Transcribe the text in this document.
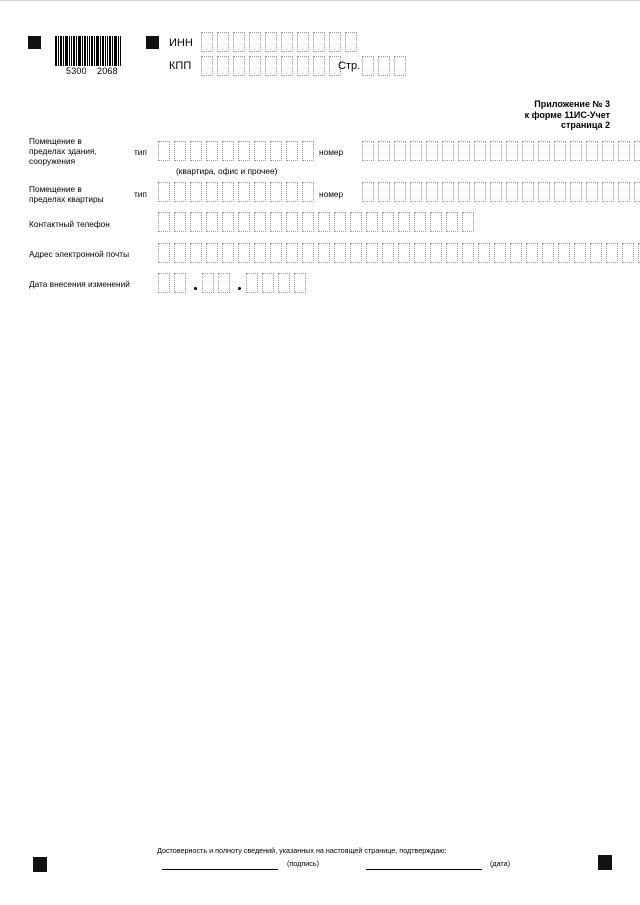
5300 2068
ИНН
КПП	Стр.
Приложение № 3
к форме 11ИС-Учет
страница 2
Помещение в
пределах здания,
сооружения
тип
(квартира, офис и прочее)
номер
Помещение в
пределах квартиры	тип	номер
Контактный телефон
Адрес электронной почты
Дата внесения изменений
Достоверность и полноту сведений, указанных на настоящей странице, подтверждаю:
(подпись)	(дата)
